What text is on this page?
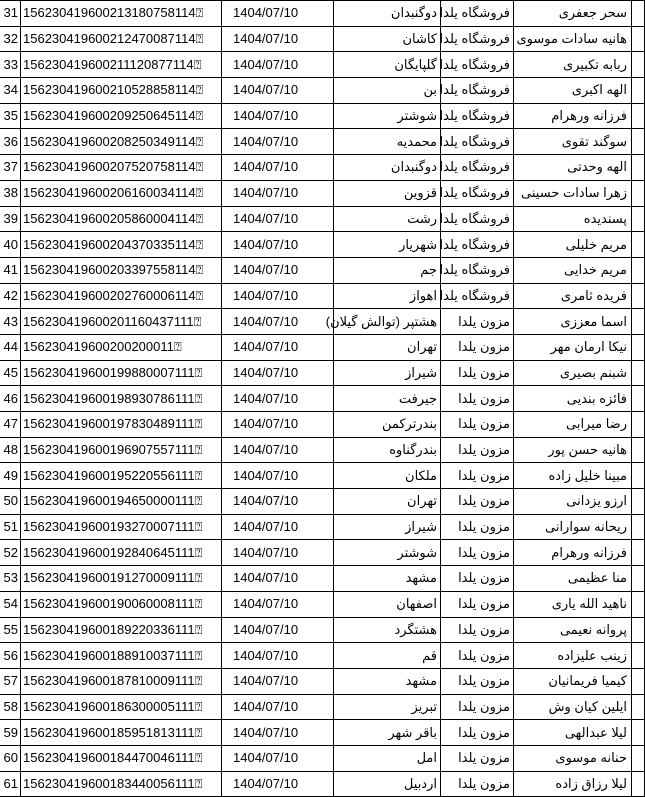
31	156230419600213180758114⍰	1404/07/10	دوگنبدان	فروشگاه یلدا	سحر جعفری	
32	156230419600212470087114⍰	1404/07/10	کاشان	فروشگاه یلدا	هانیه سادات موسوی	
33	156230419600211120877114⍰	1404/07/10	گلپایگان	فروشگاه یلدا	ربابه تکبیری	
34	156230419600210528858114⍰	1404/07/10	بن	فروشگاه یلدا	الهه اکبری	
35	156230419600209250645114⍰	1404/07/10	شوشتر	فروشگاه یلدا	فرزانه ورهرام	
36	156230419600208250349114⍰	1404/07/10	محمدیه	فروشگاه یلدا	سوگند تقوی	
37	156230419600207520758114⍰	1404/07/10	دوگنبدان	فروشگاه یلدا	الهه وحدتی	
38	156230419600206160034114⍰	1404/07/10	قزوین	فروشگاه یلدا	زهرا سادات حسینی	
39	156230419600205860004114⍰	1404/07/10	رشت	فروشگاه یلدا	پسندیده	
40	156230419600204370335114⍰	1404/07/10	شهریار	فروشگاه یلدا	مریم خلیلی	
41	156230419600203397558114⍰	1404/07/10	جم	فروشگاه یلدا	مریم خدایی	
42	156230419600202760006114⍰	1404/07/10	اهواز	فروشگاه یلدا	فریده ثامری	
43	156230419600201160437111⍰	1404/07/10	هشتپر (توالش گیلان)	مزون یلدا	اسما معززی	
44	156230419600200200011⍰	1404/07/10	تهران	مزون یلدا	نیکا ارمان مهر	
45	156230419600199880007111⍰	1404/07/10	شیراز	مزون یلدا	شبنم بصیری	
46	156230419600198930786111⍰	1404/07/10	جیرفت	مزون یلدا	فائزه بندیی	
47	156230419600197830489111⍰	1404/07/10	بندرترکمن	مزون یلدا	رضا میرابی	
48	156230419600196907557111⍰	1404/07/10	بندرگناوه	مزون یلدا	هانیه حسن پور	
49	156230419600195220556111⍰	1404/07/10	ملکان	مزون یلدا	مبینا خلیل زاده	
50	156230419600194650000111⍰	1404/07/10	تهران	مزون یلدا	ارزو یزدانی	
51	156230419600193270007111⍰	1404/07/10	شیراز	مزون یلدا	ریحانه سوارانی	
52	156230419600192840645111⍰	1404/07/10	شوشتر	مزون یلدا	فرزانه ورهرام	
53	156230419600191270009111⍰	1404/07/10	مشهد	مزون یلدا	منا عظیمی	
54	156230419600190060008111⍰	1404/07/10	اصفهان	مزون یلدا	ناهید الله یاری	
55	156230419600189220336111⍰	1404/07/10	هشتگرد	مزون یلدا	پروانه نعیمی	
56	156230419600188910037111⍰	1404/07/10	قم	مزون یلدا	زینب علیزاده	
57	156230419600187810009111⍰	1404/07/10	مشهد	مزون یلدا	کیمیا فریمانیان	
58	156230419600186300005111⍰	1404/07/10	تبریز	مزون یلدا	ایلین کیان وش	
59	156230419600185951813111⍰	1404/07/10	باقر شهر	مزون یلدا	لیلا عبدالهی	
60	156230419600184470046111⍰	1404/07/10	امل	مزون یلدا	حنانه موسوی	
61	156230419600183440056111⍰	1404/07/10	اردبیل	مزون یلدا	لیلا رزاق زاده	
